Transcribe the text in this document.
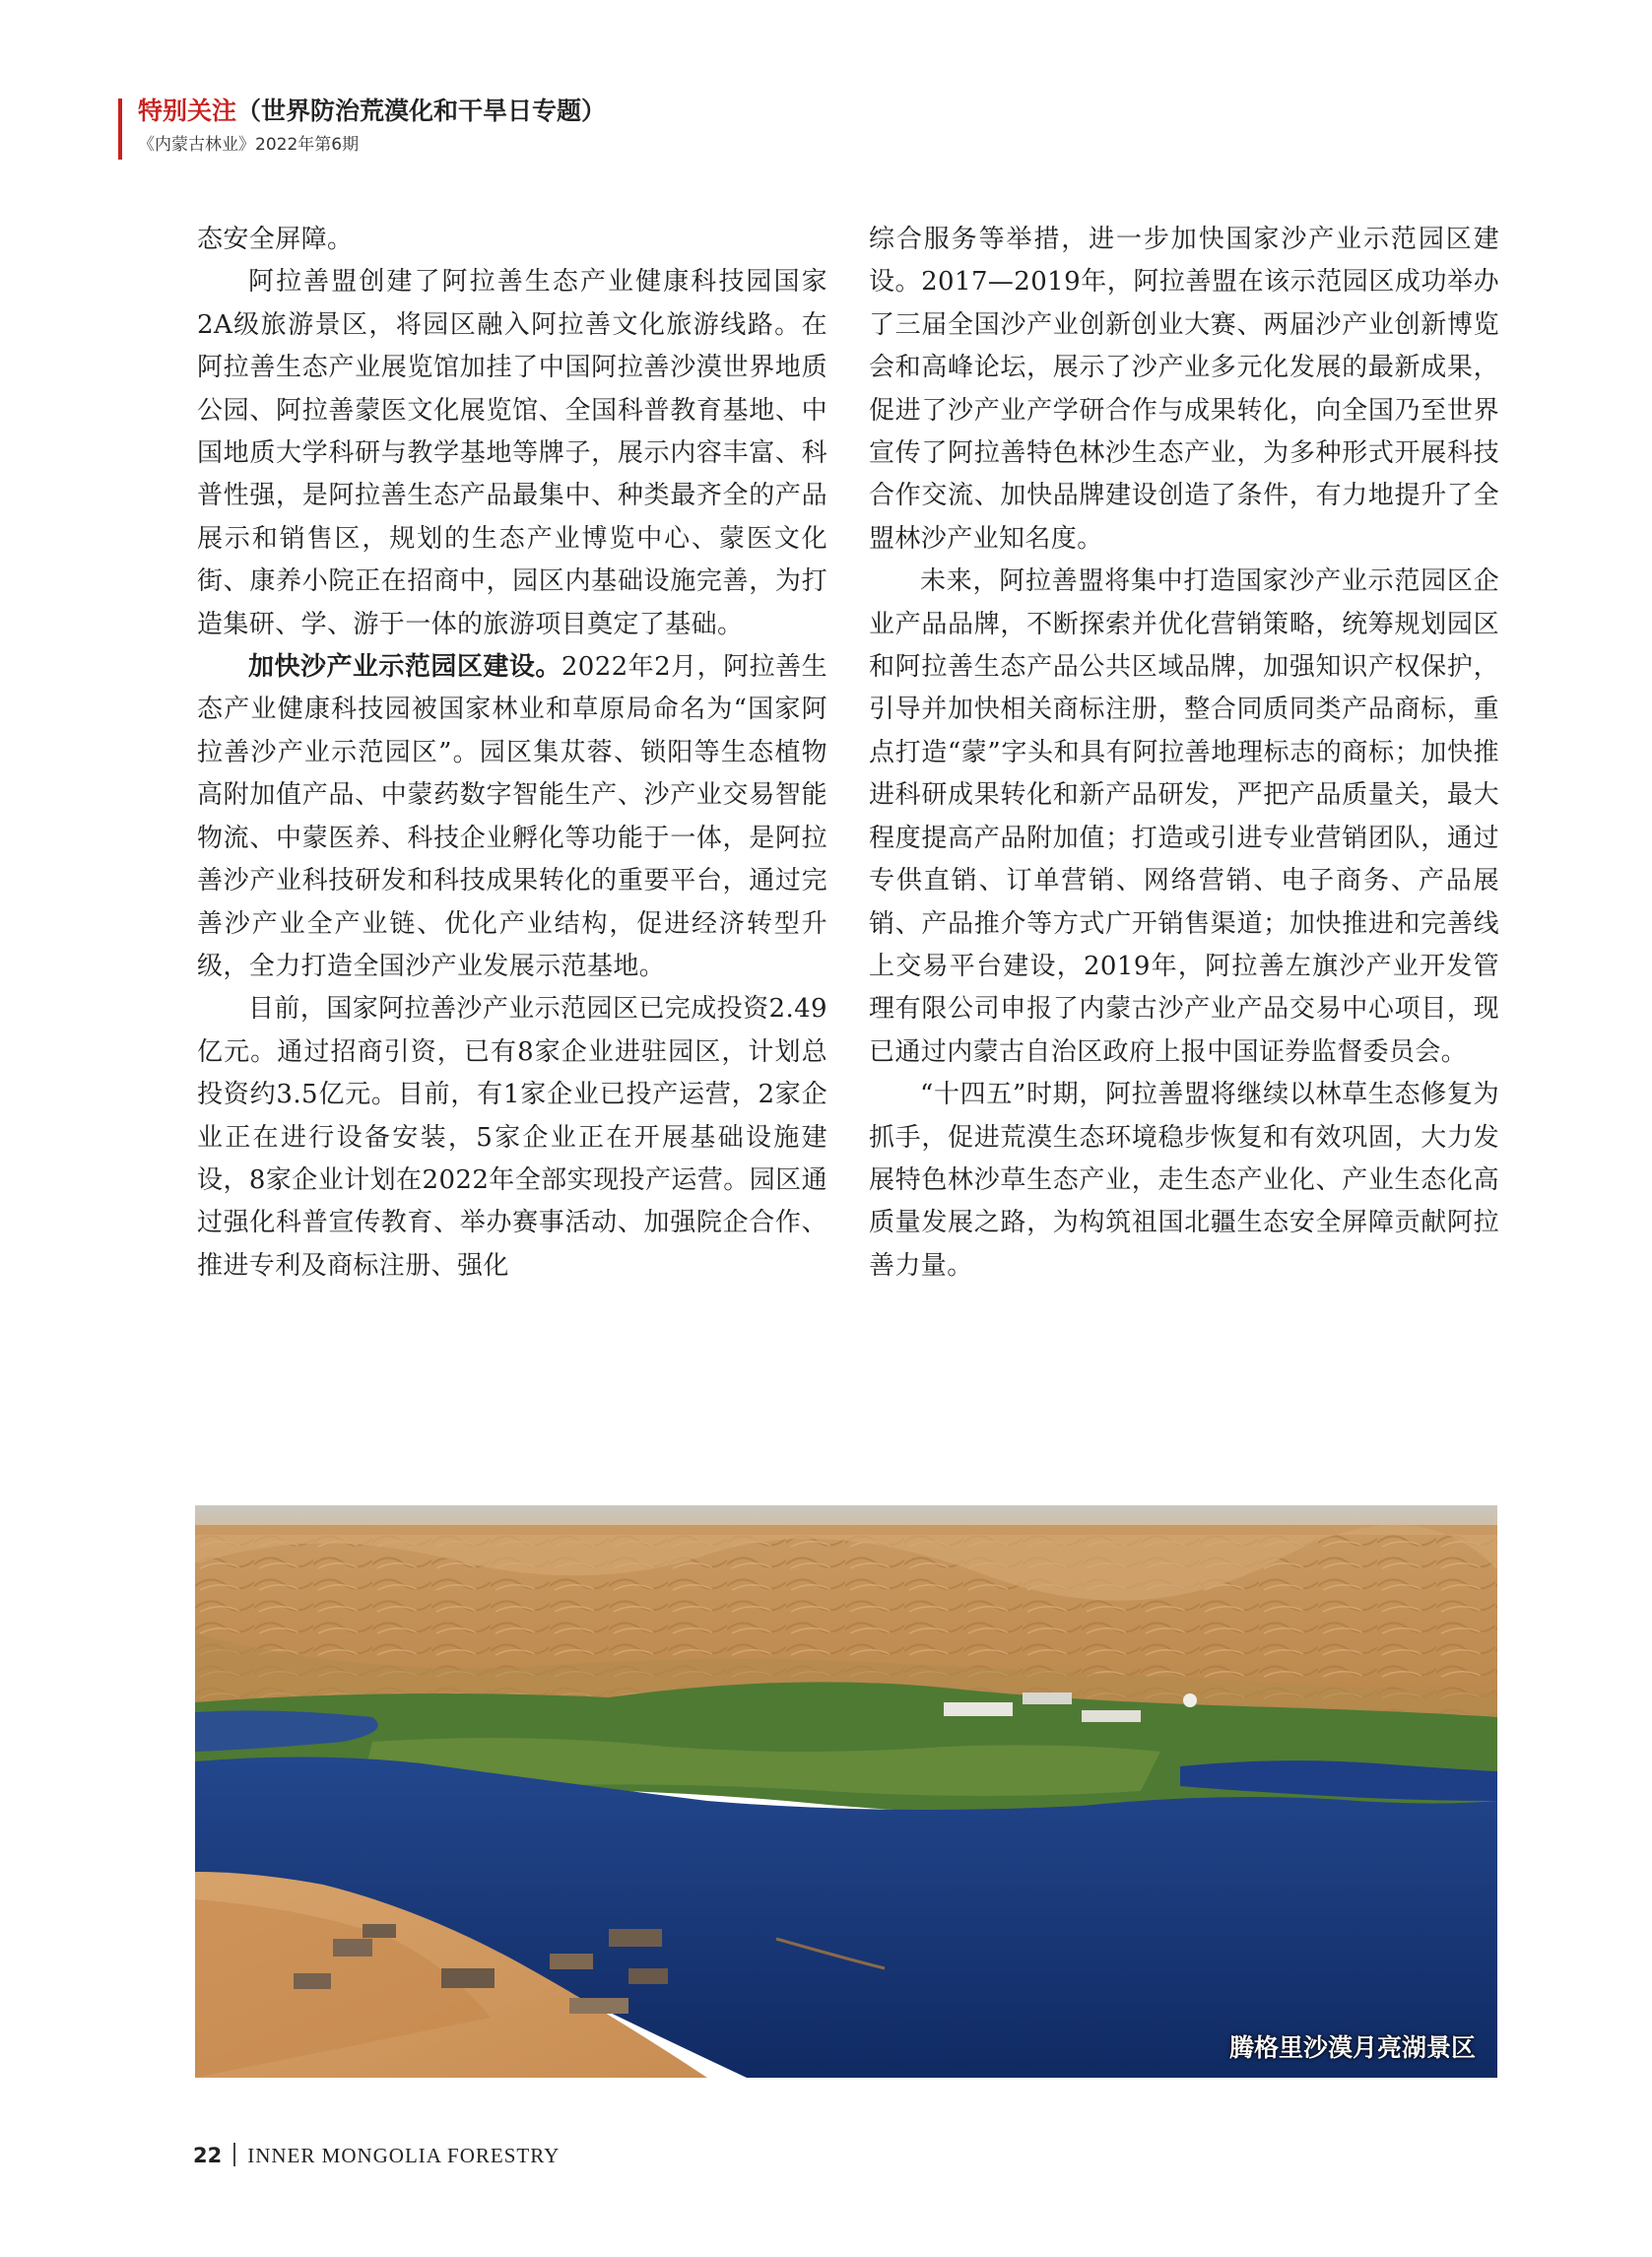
特别关注（世界防治荒漠化和干旱日专题）
《内蒙古林业》2022年第6期

态安全屏障。

阿拉善盟创建了阿拉善生态产业健康科技园国家2A级旅游景区，将园区融入阿拉善文化旅游线路。在阿拉善生态产业展览馆加挂了中国阿拉善沙漠世界地质公园、阿拉善蒙医文化展览馆、全国科普教育基地、中国地质大学科研与教学基地等牌子，展示内容丰富、科普性强，是阿拉善生态产品最集中、种类最齐全的产品展示和销售区，规划的生态产业博览中心、蒙医文化街、康养小院正在招商中，园区内基础设施完善，为打造集研、学、游于一体的旅游项目奠定了基础。

加快沙产业示范园区建设。2022年2月，阿拉善生态产业健康科技园被国家林业和草原局命名为“国家阿拉善沙产业示范园区”。园区集苁蓉、锁阳等生态植物高附加值产品、中蒙药数字智能生产、沙产业交易智能物流、中蒙医养、科技企业孵化等功能于一体，是阿拉善沙产业科技研发和科技成果转化的重要平台，通过完善沙产业全产业链、优化产业结构，促进经济转型升级，全力打造全国沙产业发展示范基地。

目前，国家阿拉善沙产业示范园区已完成投资2.49亿元。通过招商引资，已有8家企业进驻园区，计划总投资约3.5亿元。目前，有1家企业已投产运营，2家企业正在进行设备安装，5家企业正在开展基础设施建设，8家企业计划在2022年全部实现投产运营。园区通过强化科普宣传教育、举办赛事活动、加强院企合作、推进专利及商标注册、强化

综合服务等举措，进一步加快国家沙产业示范园区建设。2017—2019年，阿拉善盟在该示范园区成功举办了三届全国沙产业创新创业大赛、两届沙产业创新博览会和高峰论坛，展示了沙产业多元化发展的最新成果，促进了沙产业产学研合作与成果转化，向全国乃至世界宣传了阿拉善特色林沙生态产业，为多种形式开展科技合作交流、加快品牌建设创造了条件，有力地提升了全盟林沙产业知名度。

未来，阿拉善盟将集中打造国家沙产业示范园区企业产品品牌，不断探索并优化营销策略，统筹规划园区和阿拉善生态产品公共区域品牌，加强知识产权保护，引导并加快相关商标注册，整合同质同类产品商标，重点打造“蒙”字头和具有阿拉善地理标志的商标；加快推进科研成果转化和新产品研发，严把产品质量关，最大程度提高产品附加值；打造或引进专业营销团队，通过专供直销、订单营销、网络营销、电子商务、产品展销、产品推介等方式广开销售渠道；加快推进和完善线上交易平台建设，2019年，阿拉善左旗沙产业开发管理有限公司申报了内蒙古沙产业产品交易中心项目，现已通过内蒙古自治区政府上报中国证券监督委员会。

“十四五”时期，阿拉善盟将继续以林草生态修复为抓手，促进荒漠生态环境稳步恢复和有效巩固，大力发展特色林沙草生态产业，走生态产业化、产业生态化高质量发展之路，为构筑祖国北疆生态安全屏障贡献阿拉善力量。

腾格里沙漠月亮湖景区
22 INNER MONGOLIA FORESTRY
